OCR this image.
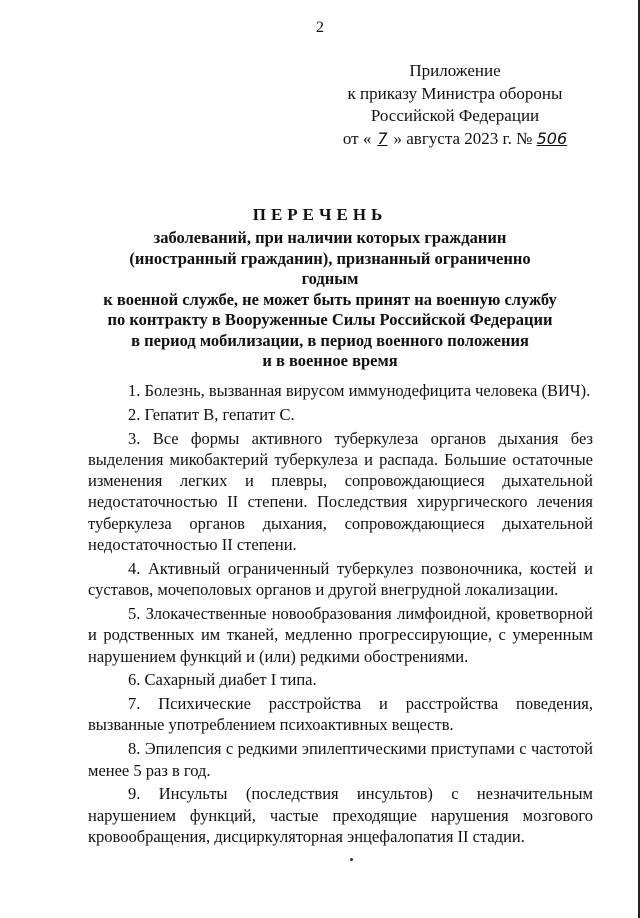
2
Приложение
к приказу Министра обороны
Российской Федерации
от « 7 » августа 2023 г. № 506
ПЕРЕЧЕНЬ
заболеваний, при наличии которых гражданин
(иностранный гражданин), признанный ограниченно годным
к военной службе, не может быть принят на военную службу
по контракту в Вооруженные Силы Российской Федерации
в период мобилизации, в период военного положения
и в военное время

1. Болезнь, вызванная вирусом иммунодефицита человека (ВИЧ).

2. Гепатит B, гепатит C.

3. Все формы активного туберкулеза органов дыхания без выделения микобактерий туберкулеза и распада. Большие остаточные изменения легких и плевры, сопровождающиеся дыхательной недостаточностью II степени. Последствия хирургического лечения туберкулеза органов дыхания, сопровождающиеся дыхательной недостаточностью II степени.

4. Активный ограниченный туберкулез позвоночника, костей и суставов, мочеполовых органов и другой внегрудной локализации.

5. Злокачественные новообразования лимфоидной, кроветворной и родственных им тканей, медленно прогрессирующие, с умеренным нарушением функций и (или) редкими обострениями.

6. Сахарный диабет I типа.

7. Психические расстройства и расстройства поведения, вызванные употреблением психоактивных веществ.

8. Эпилепсия с редкими эпилептическими приступами с частотой менее 5 раз в год.

9. Инсульты (последствия инсультов) с незначительным нарушением функций, частые преходящие нарушения мозгового кровообращения, дисциркуляторная энцефалопатия II стадии.
